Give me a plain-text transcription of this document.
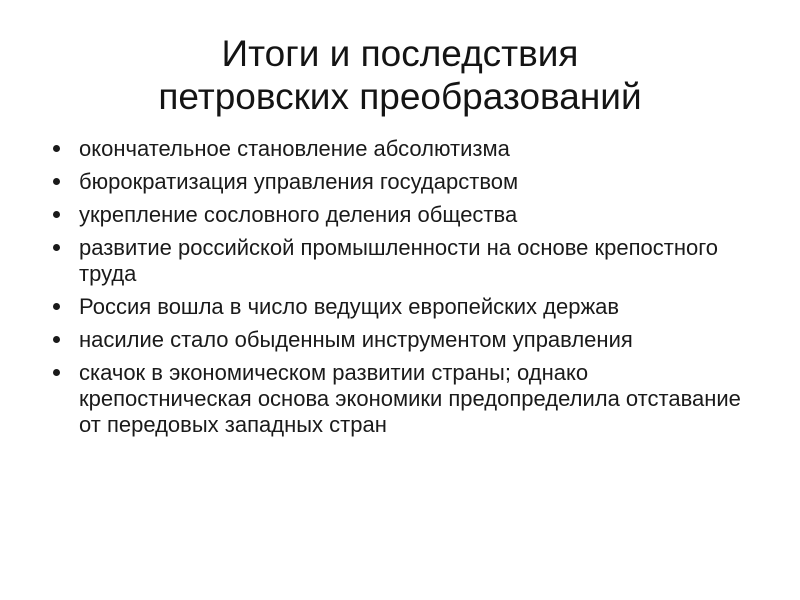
Итоги и последствия
петровских преобразований
окончательное становление абсолютизма
бюрократизация управления государством
укрепление сословного деления общества
развитие российской промышленности на основе крепостного труда
Россия вошла в число ведущих европейских держав
насилие стало обыденным инструментом управления
скачок в экономическом развитии страны; однако крепостническая основа экономики предопределила отставание от передовых западных стран
